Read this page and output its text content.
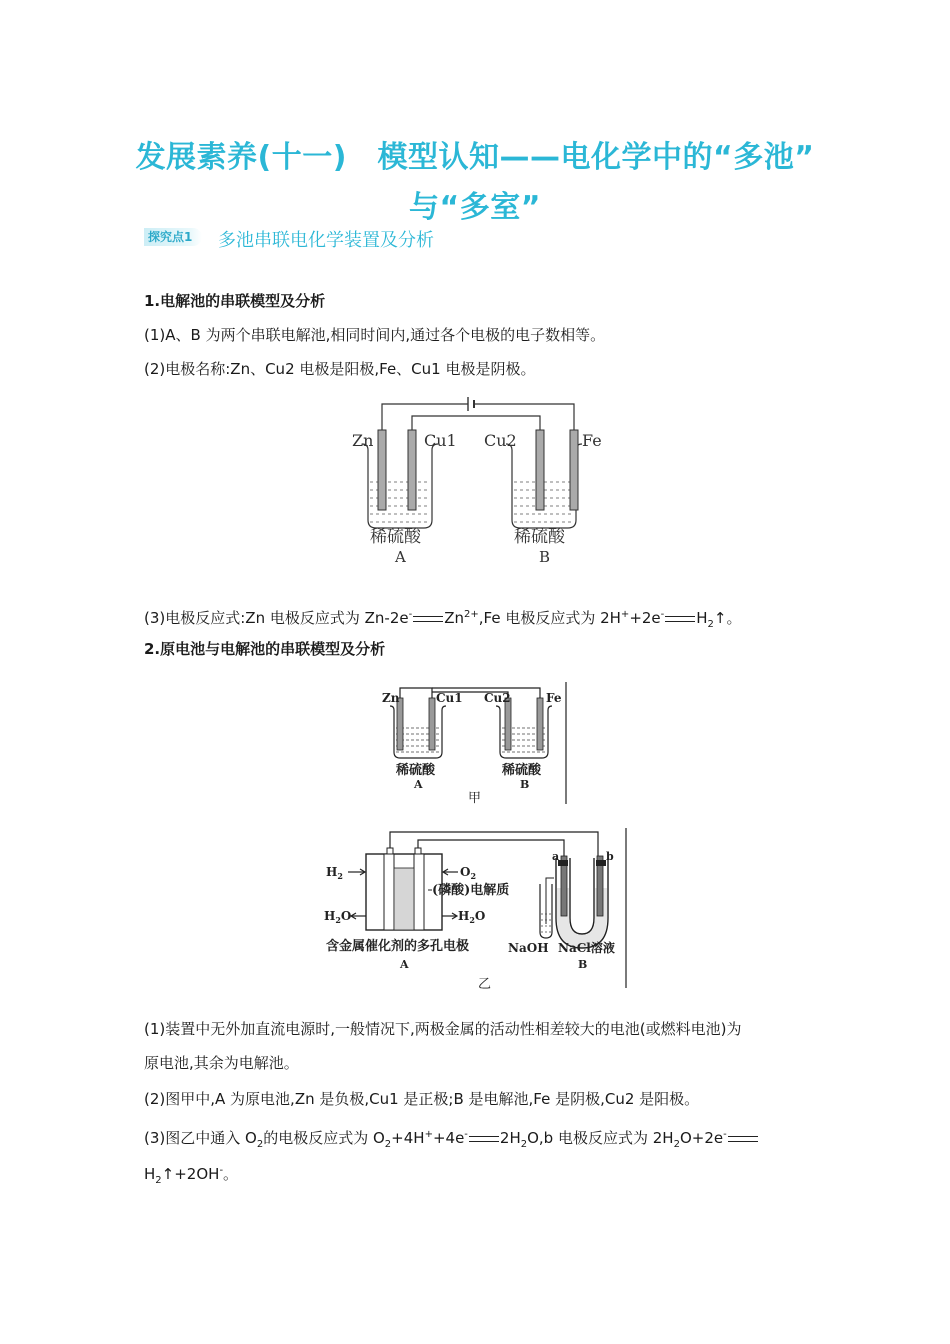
发展素养(十一)　模型认知——电化学中的“多池”
与“多室”
探究点1	多池串联电化学装置及分析
1.电解池的串联模型及分析
(1)A、B 为两个串联电解池,相同时间内,通过各个电极的电子数相等。
(2)电极名称:Zn、Cu2 电极是阳极,Fe、Cu1 电极是阴极。
Zn	Cu1 Cu2	Fe
稀硫酸	稀硫酸
A	B
(3)电极反应式:Zn 电极反应式为 Zn-2e- $Zn^{2+},Fe$ 电极反应式为 2H++2e- $H_2↑$。
2.原电池与电解池的串联模型及分析
Zn	Cu1 Cu2	Fe
稀硫酸	稀硫酸
A	B
甲
$H_2$	$O_2$
$H_2O$	$H_2O$
(磷酸)电解质
含金属催化剂的多孔电极
A
a	b
NaOH NaCl溶液
B
乙
(1)装置中无外加直流电源时,一般情况下,两极金属的活动性相差较大的电池(或燃料电池)为
原电池,其余为电解池。
(2)图甲中,A 为原电池,Zn 是负极,Cu1 是正极;B 是电解池,Fe 是阴极,Cu2 是阳极。
(3)图乙中通入 $O_2$的电极反应式为 $O_2+4H^++4e^-$ $2H_2O,b$ 电极反应式为 $2H_2O+2e^-$
$H_2↑+2OH^-$。
